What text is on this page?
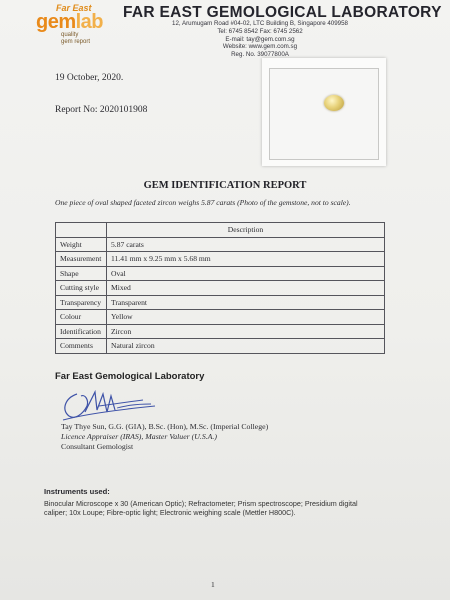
Far East
gemlab
quality
gem report
FAR EAST GEMOLOGICAL LABORATORY
12, Arumugam Road #04-02, LTC Building B, Singapore 409958
Tel: 6745 8542 Fax: 6745 2562
E-mail: tay@gem.com.sg
Website: www.gem.com.sg
Reg. No. 39077800A
19 October, 2020.
Report No: 2020101908
GEM IDENTIFICATION REPORT
One piece of oval shaped faceted zircon weighs 5.87 carats (Photo of the gemstone, not to scale).
	Description
Weight	5.87 carats
Measurement	11.41 mm x 9.25 mm x 5.68 mm
Shape	Oval
Cutting style	Mixed
Transparency	Transparent
Colour	Yellow
Identification	Zircon
Comments	Natural zircon
Far East Gemological Laboratory
Tay Thye Sun, G.G. (GIA), B.Sc. (Hon), M.Sc. (Imperial College)
Licence Appraiser (IRAS), Master Valuer (U.S.A.)
Consultant Gemologist
Instruments used:
Binocular Microscope x 30 (American Optic); Refractometer; Prism spectroscope; Presidium digital caliper; 10x Loupe; Fibre-optic light; Electronic weighing scale (Mettler H800C).
1
